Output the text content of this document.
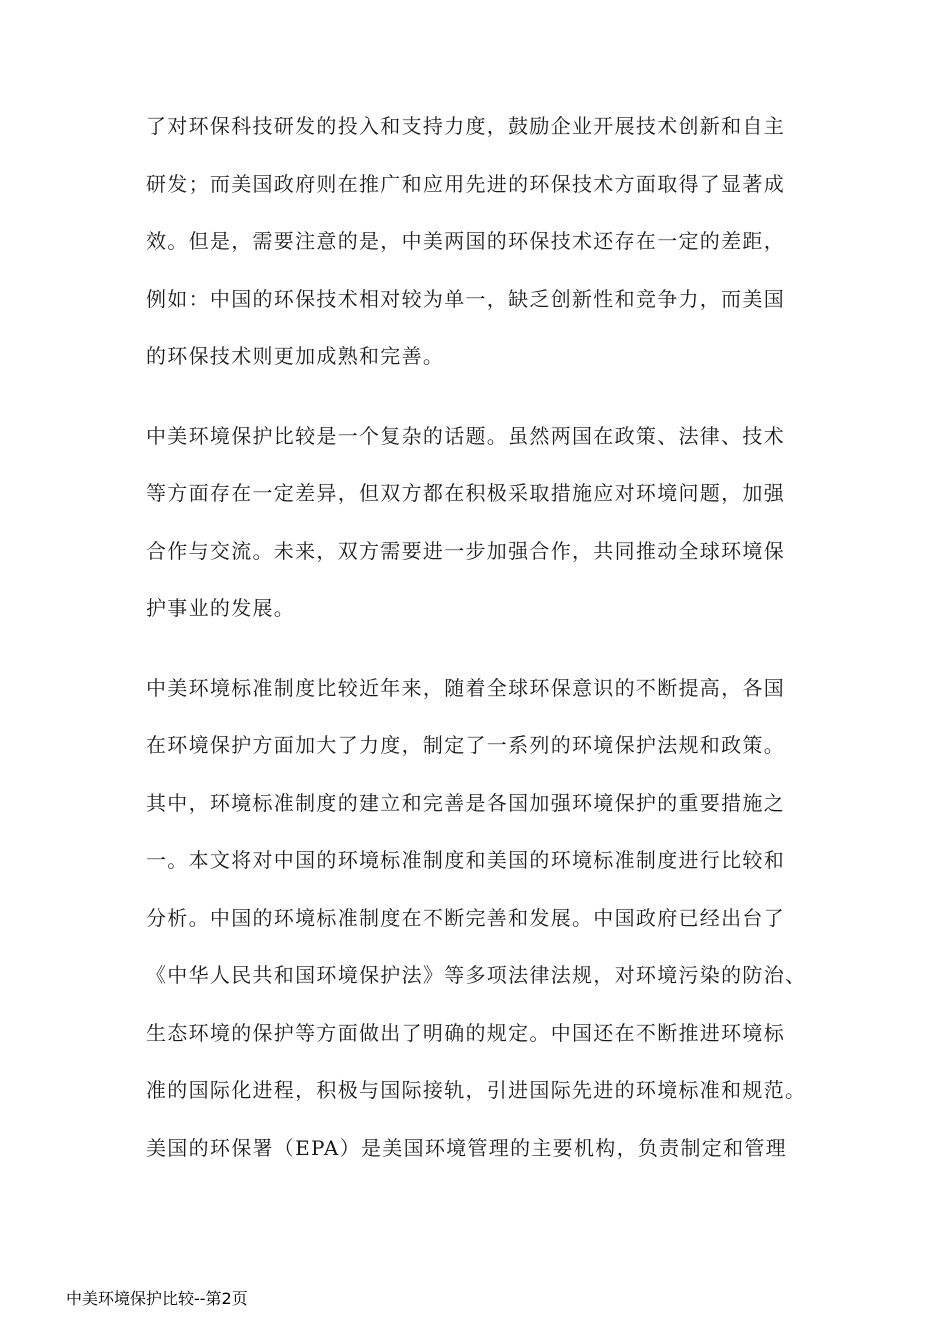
了对环保科技研发的投入和支持力度，鼓励企业开展技术创新和自主
研发；而美国政府则在推广和应用先进的环保技术方面取得了显著成
效。但是，需要注意的是，中美两国的环保技术还存在一定的差距，
例如：中国的环保技术相对较为单一，缺乏创新性和竞争力，而美国
的环保技术则更加成熟和完善。
中美环境保护比较是一个复杂的话题。虽然两国在政策、法律、技术
等方面存在一定差异，但双方都在积极采取措施应对环境问题，加强
合作与交流。未来，双方需要进一步加强合作，共同推动全球环境保
护事业的发展。
中美环境标准制度比较近年来，随着全球环保意识的不断提高，各国
在环境保护方面加大了力度，制定了一系列的环境保护法规和政策。
其中，环境标准制度的建立和完善是各国加强环境保护的重要措施之
一。本文将对中国的环境标准制度和美国的环境标准制度进行比较和
分析。中国的环境标准制度在不断完善和发展。中国政府已经出台了
《中华人民共和国环境保护法》等多项法律法规，对环境污染的防治、
生态环境的保护等方面做出了明确的规定。中国还在不断推进环境标
准的国际化进程，积极与国际接轨，引进国际先进的环境标准和规范。
美国的环保署（EPA）是美国环境管理的主要机构，负责制定和管理
中美环境保护比较--第2页
